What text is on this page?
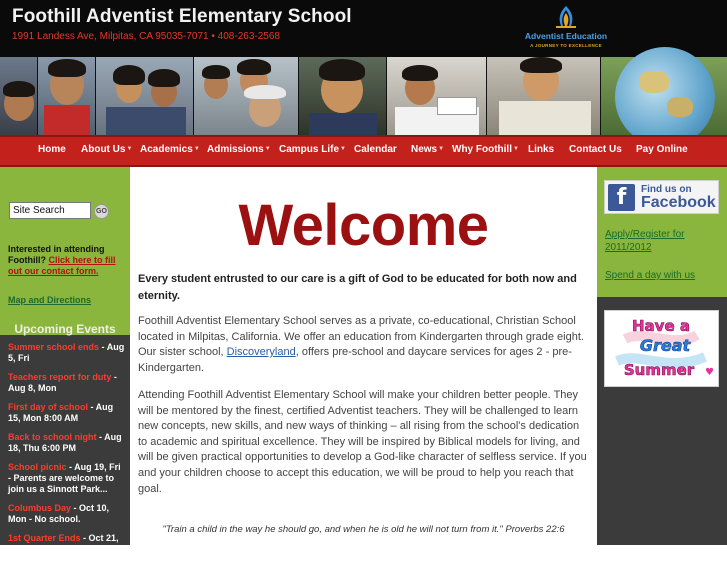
Foothill Adventist Elementary School
1991 Landess Ave, Milpitas, CA 95035-7071 • 408-263-2568	Adventist Education
A JOURNEY TO EXCELLENCE
Home About Us▼ Academics▼ Admissions▼ Campus Life▼ Calendar News▼ Why Foothill▼ Links Contact Us Pay Online
Site Search
GO
Interested in attending Foothill? Click here to fill out our contact form.
Map and Directions
Upcoming Events
Summer school ends - Aug 5, Fri
Teachers report for duty - Aug 8, Mon
First day of school - Aug 15, Mon 8:00 AM
Back to school night - Aug 18, Thu 6:00 PM
School picnic - Aug 19, Fri - Parents are welcome to join us a Sinnott Park...
Columbus Day - Oct 10, Mon - No school.
1st Quarter Ends - Oct 21, Fri
Welcome
Every student entrusted to our care is a gift of God to be educated for both now and eternity.
Foothill Adventist Elementary School serves as a private, co-educational, Christian School located in Milpitas, California. We offer an education from Kindergarten through grade eight. Our sister school, Discoveryland, offers pre-school and daycare services for ages 2 - pre-Kindergarten.
Attending Foothill Adventist Elementary School will make your children better people. They will be mentored by the finest, certified Adventist teachers. They will be challenged to learn new concepts, new skills, and new ways of thinking – all rising from the school's dedication to academic and spiritual excellence. They will be inspired by Biblical models for living, and will be given practical opportunities to develop a God-like character of selfless service. If you and your children choose to accept this education, we will be proud to help you reach that goal.
"Train a child in the way he should go, and when he is old he will not turn from it." Proverbs 22:6
f	Find us on
Facebook
Apply/Register for 2011/2012
Spend a day with us
Have a
Great
Summer ♥
